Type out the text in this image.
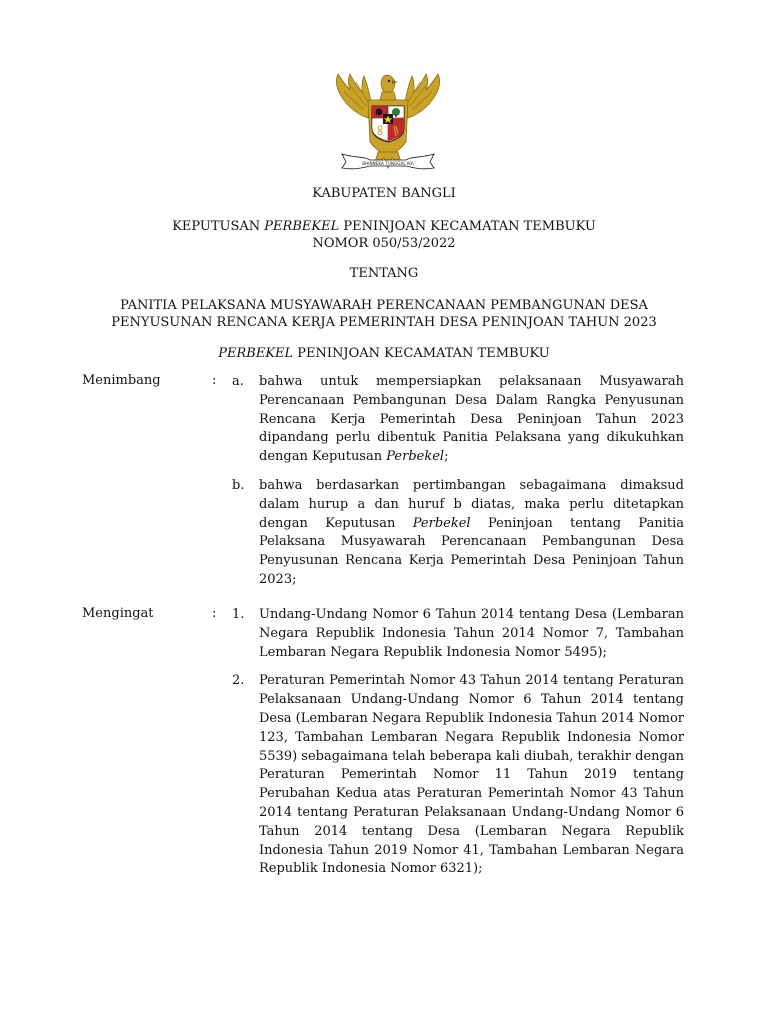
BHINNEKA TUNGGAL IKA
KABUPATEN BANGLI
KEPUTUSAN PERBEKEL PENINJOAN KECAMATAN TEMBUKU
NOMOR 050/53/2022
TENTANG
PANITIA PELAKSANA MUSYAWARAH PERENCANAAN PEMBANGUNAN DESA
PENYUSUNAN RENCANA KERJA PEMERINTAH DESA PENINJOAN TAHUN 2023
PERBEKEL PENINJOAN KECAMATAN TEMBUKU
Menimbang	: a. bahwa untuk mempersiapkan pelaksanaan Musyawarah Perencanaan Pembangunan Desa Dalam Rangka Penyusunan Rencana Kerja Pemerintah Desa Peninjoan Tahun 2023 dipandang perlu dibentuk Panitia Pelaksana yang dikukuhkan dengan Keputusan Perbekel;
b. bahwa berdasarkan pertimbangan sebagaimana dimaksud dalam hurup a dan huruf b diatas, maka perlu ditetapkan dengan Keputusan Perbekel Peninjoan tentang Panitia Pelaksana Musyawarah Perencanaan Pembangunan Desa Penyusunan Rencana Kerja Pemerintah Desa Peninjoan Tahun 2023;
Mengingat	: 1. Undang-Undang Nomor 6 Tahun 2014 tentang Desa (Lembaran Negara Republik Indonesia Tahun 2014 Nomor 7, Tambahan Lembaran Negara Republik Indonesia Nomor 5495);
2. Peraturan Pemerintah Nomor 43 Tahun 2014 tentang Peraturan Pelaksanaan Undang-Undang Nomor 6 Tahun 2014 tentang Desa (Lembaran Negara Republik Indonesia Tahun 2014 Nomor 123, Tambahan Lembaran Negara Republik Indonesia Nomor 5539) sebagaimana telah beberapa kali diubah, terakhir dengan Peraturan Pemerintah Nomor 11 Tahun 2019 tentang Perubahan Kedua atas Peraturan Pemerintah Nomor 43 Tahun 2014 tentang Peraturan Pelaksanaan Undang-Undang Nomor 6 Tahun 2014 tentang Desa (Lembaran Negara Republik Indonesia Tahun 2019 Nomor 41, Tambahan Lembaran Negara Republik Indonesia Nomor 6321);
